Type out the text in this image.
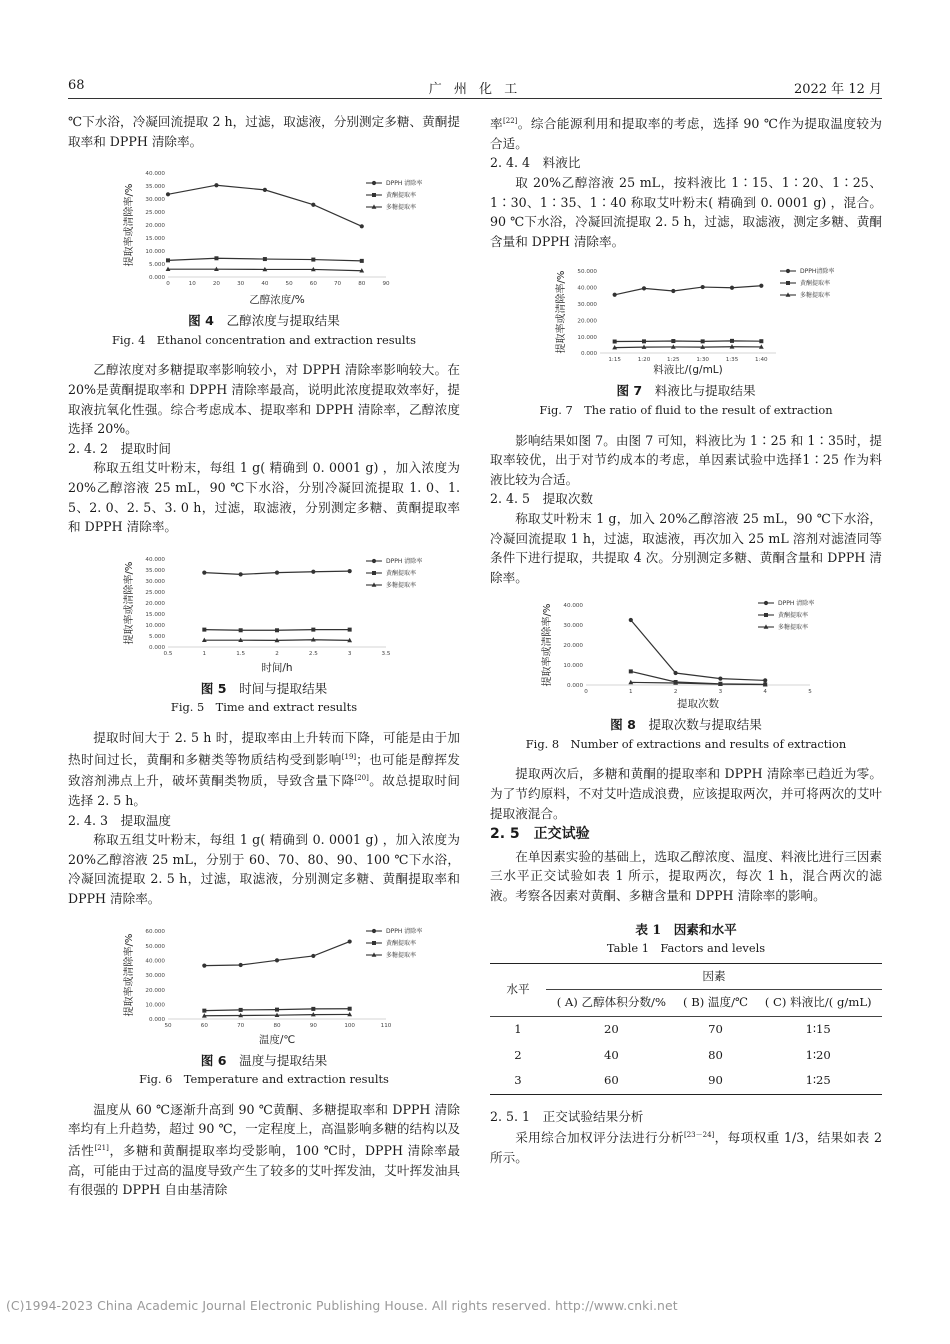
68	广 州 化 工	2022 年 12 月

℃下水浴，冷凝回流提取 2 h，过滤，取滤液，分别测定多糖、黄酮提取率和 DPPH 清除率。

提取率或清除率/%
0.000
5.000
10.000
15.000
20.000
25.000
30.000
35.000
40.000
0	10	20	30	40	50	60	70	80	90
乙醇浓度/%
DPPH 清除率
黄酮提取率
多糖提取率

图 4　 乙醇浓度与提取结果

Fig. 4　Ethanol concentration and extraction results

乙醇浓度对多糖提取率影响较小，对 DPPH 清除率影响较大。在 20%是黄酮提取率和 DPPH 清除率最高，说明此浓度提取效率好，提取液抗氧化性强。综合考虑成本、提取率和 DPPH 清除率，乙醇浓度选择 20%。

2. 4. 2　提取时间

称取五组艾叶粉末，每组 1 g( 精确到 0. 0001 g) ，加入浓度为 20%乙醇溶液 25 mL，90 ℃下水浴，分别冷凝回流提取 1. 0、1. 5、2. 0、2. 5、3. 0 h，过滤，取滤液，分别测定多糖、黄酮提取率和 DPPH 清除率。

提取率或清除率/%
0.000
5.000
10.000
15.000
20.000
25.000
30.000
35.000
40.000
0.5	1	1.5	2	2.5	3	3.5
时间/h
DPPH 清除率
黄酮提取率
多糖提取率

图 5　 时间与提取结果

Fig. 5　Time and extract results

提取时间大于 2. 5 h 时，提取率由上升转而下降，可能是由于加热时间过长，黄酮和多糖类等物质结构受到影响[19]；也可能是醇挥发致溶剂沸点上升，破坏黄酮类物质，导致含量下降[20]。故总提取时间选择 2. 5 h。

2. 4. 3　提取温度

称取五组艾叶粉末，每组 1 g( 精确到 0. 0001 g) ，加入浓度为 20%乙醇溶液 25 mL，分别于 60、70、80、90、100 ℃下水浴，冷凝回流提取 2. 5 h，过滤，取滤液，分别测定多糖、黄酮提取率和 DPPH 清除率。

提取率或清除率/%
0.000
10.000
20.000
30.000
40.000
50.000
60.000
50	60	70	80	90	100	110
温度/℃
DPPH 清除率
黄酮提取率
多糖提取率

图 6　 温度与提取结果

Fig. 6　Temperature and extraction results

温度从 60 ℃逐渐升高到 90 ℃黄酮、多糖提取率和 DPPH 清除率均有上升趋势，超过 90 ℃，一定程度上，高温影响多糖的结构以及活性[21]，多糖和黄酮提取率均受影响，100 ℃时，DPPH 清除率最高，可能由于过高的温度导致产生了较多的艾叶挥发油，艾叶挥发油具有很强的 DPPH 自由基清除

率[22]。综合能源利用和提取率的考虑，选择 90 ℃作为提取温度较为合适。

2. 4. 4　料液比

取 20%乙醇溶液 25 mL，按料液比 1∶15、1∶20、1∶25、1∶30、1∶35、1∶40 称取艾叶粉末( 精确到 0. 0001 g) ，混合。90 ℃下水浴，冷凝回流提取 2. 5 h，过滤，取滤液，测定多糖、黄酮含量和 DPPH 清除率。

提取率或清除率/%
0.000
10.000
20.000
30.000
40.000
50.000
1:15	1:20	1:25	1:30	1:35	1:40
料液比/(g/mL)
DPPH清除率
黄酮提取率
多糖提取率

图 7　 料液比与提取结果

Fig. 7　The ratio of fluid to the result of extraction

影响结果如图 7。由图 7 可知，料液比为 1∶25 和 1∶35时，提取率较优，出于对节约成本的考虑，单因素试验中选择1∶25 作为料液比较为合适。

2. 4. 5　提取次数

称取艾叶粉末 1 g，加入 20%乙醇溶液 25 mL，90 ℃下水浴，冷凝回流提取 1 h，过滤，取滤液，再次加入 25 mL 溶剂对滤渣同等条件下进行提取，共提取 4 次。分别测定多糖、黄酮含量和 DPPH 清除率。

提取率或清除率/% 0.000
10.000
20.000
30.000
40.000
0	1	2	3	4	5
提取次数
DPPH 清除率
黄酮提取率
多糖提取率

图 8　 提取次数与提取结果

Fig. 8　Number of extractions and results of extraction

提取两次后，多糖和黄酮的提取率和 DPPH 清除率已趋近为零。为了节约原料，不对艾叶造成浪费，应该提取两次，并可将两次的艾叶提取液混合。

2. 5　正交试验

在单因素实验的基础上，选取乙醇浓度、温度、料液比进行三因素三水平正交试验如表 1 所示，提取两次，每次 1 h，混合两次的滤液。考察各因素对黄酮、多糖含量和 DPPH 清除率的影响。

表 1　 因素和水平

Table 1　Factors and levels

水平	因素		
	( A) 乙醇体积分数/%	( B) 温度/℃	( C) 料液比/( g/mL)
1	20	70	1∶15
2	40	80	1∶20
3	60	90	1∶25

2. 5. 1　正交试验结果分析

采用综合加权评分法进行分析[23－24]，每项权重 1/3，结果如表 2 所示。

(C)1994-2023 China Academic Journal Electronic Publishing House. All rights reserved. http://www.cnki.net
